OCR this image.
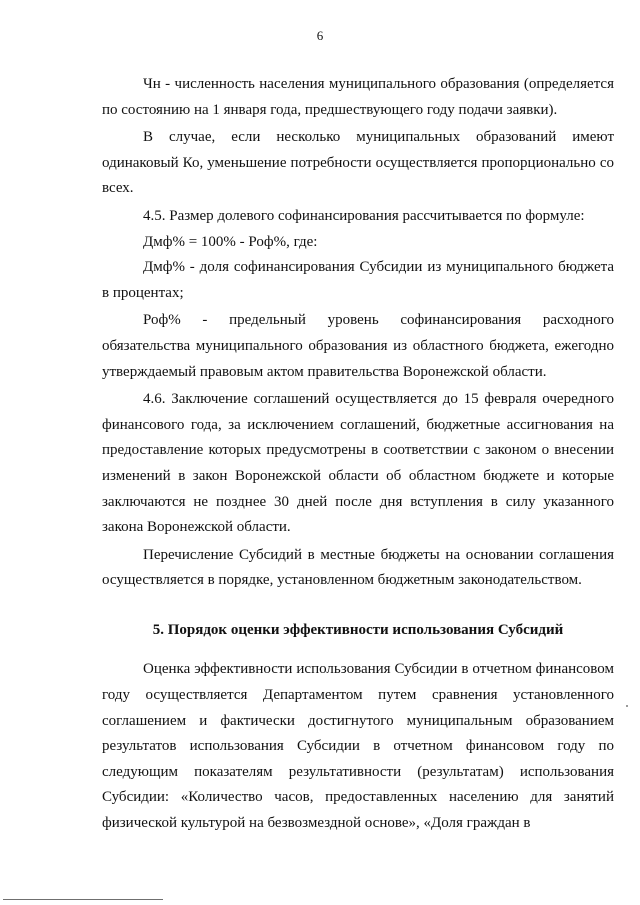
6

Чн - численность населения муниципального образования (определяется по состоянию на 1 января года, предшествующего году подачи заявки).

В случае, если несколько муниципальных образований имеют одинаковый Ко, уменьшение потребности осуществляется пропорционально со всех.

4.5. Размер долевого софинансирования рассчитывается по формуле:

Дмф% = 100% - Роф%, где:

Дмф% - доля софинансирования Субсидии из муниципального бюджета в процентах;

Роф% - предельный уровень софинансирования расходного обязательства муниципального образования из областного бюджета, ежегодно утверждаемый правовым актом правительства Воронежской области.

4.6. Заключение соглашений осуществляется до 15 февраля очередного финансового года, за исключением соглашений, бюджетные ассигнования на предоставление которых предусмотрены в соответствии с законом о внесении изменений в закон Воронежской области об областном бюджете и которые заключаются не позднее 30 дней после дня вступления в силу указанного закона Воронежской области.

Перечисление Субсидий в местные бюджеты на основании соглашения осуществляется в порядке, установленном бюджетным законодательством.

5. Порядок оценки эффективности использования Субсидий

Оценка эффективности использования Субсидии в отчетном финансовом году осуществляется Департаментом путем сравнения установленного соглашением и фактически достигнутого муниципальным образованием результатов использования Субсидии в отчетном финансовом году по следующим показателям результативности (результатам) использования Субсидии: «Количество часов, предоставленных населению для занятий физической культурой на безвозмездной основе», «Доля граждан в
